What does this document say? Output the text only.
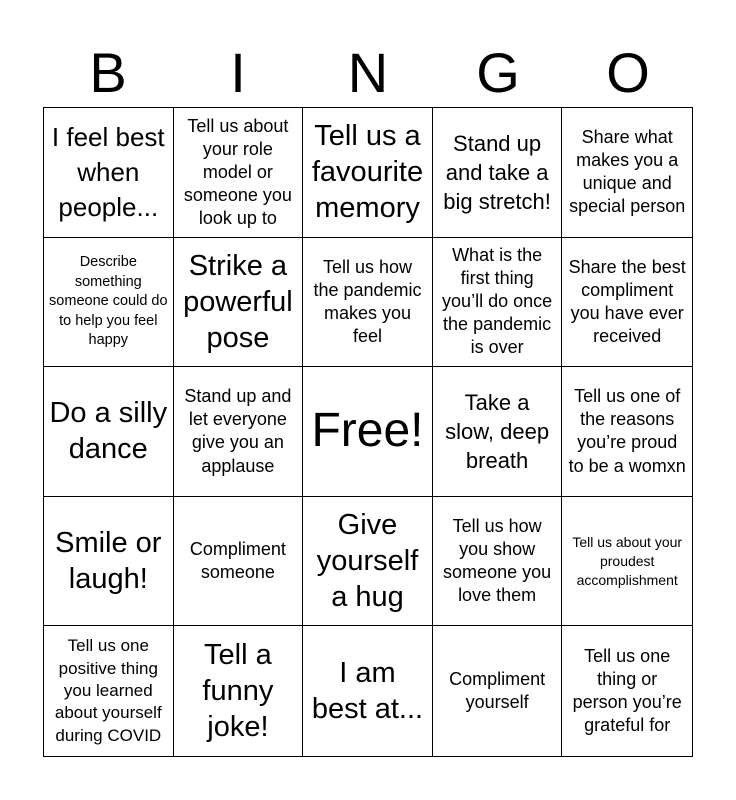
B	I	N	G	O
I feel best when people...
Tell us about your role model or someone you look up to
Tell us a favourite memory
Stand up and take a big stretch!
Share what makes you a unique and special person
Describe something someone could do to help you feel happy
Strike a powerful pose
Tell us how the pandemic makes you feel
What is the first thing you’ll do once the pandemic is over
Share the best compliment you have ever received
Do a silly dance
Stand up and let everyone give you an applause
Free!
Take a slow, deep breath
Tell us one of the reasons you’re proud to be a womxn
Smile or laugh!
Compliment someone
Give yourself a hug
Tell us how you show someone you love them
Tell us about your proudest accomplishment
Tell us one positive thing you learned about yourself during COVID
Tell a funny joke!
I am best at...
Compliment yourself
Tell us one thing or person you’re grateful for
